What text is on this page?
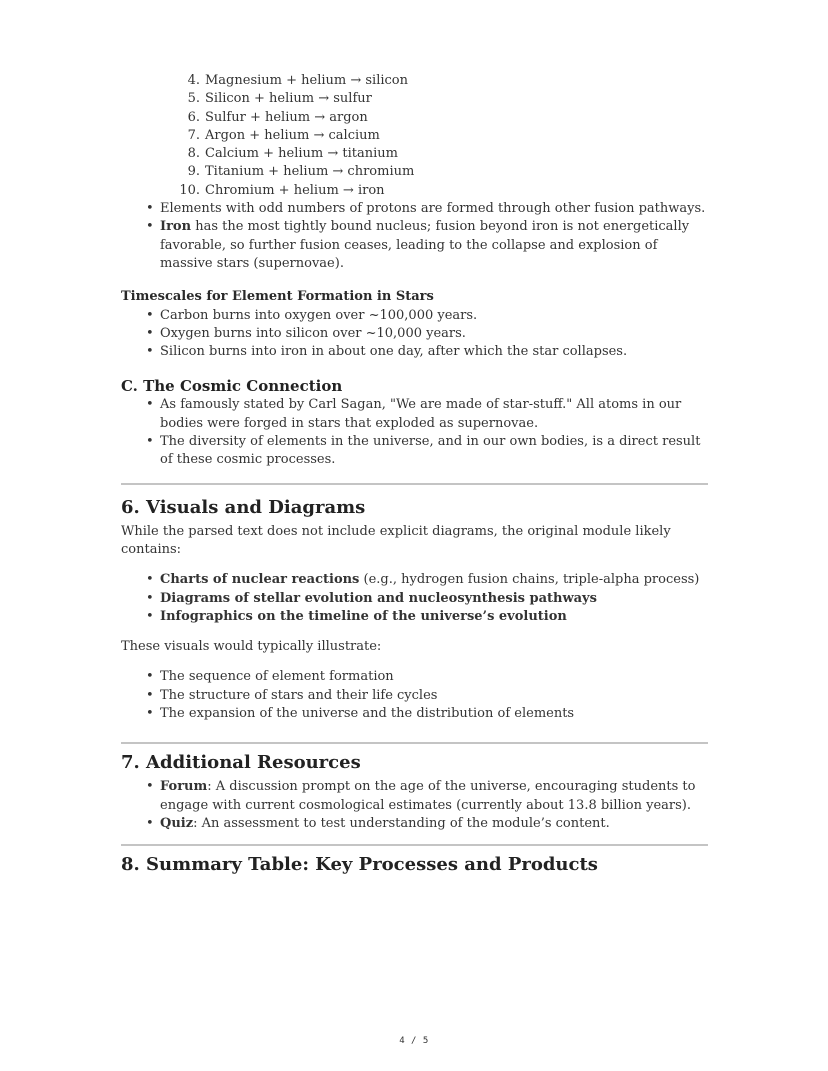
4. Magnesium + helium → silicon
5. Silicon + helium → sulfur
6. Sulfur + helium → argon
7. Argon + helium → calcium
8. Calcium + helium → titanium
9. Titanium + helium → chromium
10. Chromium + helium → iron
• Elements with odd numbers of protons are formed through other fusion pathways.
• Iron has the most tightly bound nucleus; fusion beyond iron is not energetically favorable, so further fusion ceases, leading to the collapse and explosion of massive stars (supernovae).
Timescales for Element Formation in Stars
• Carbon burns into oxygen over ~100,000 years.
• Oxygen burns into silicon over ~10,000 years.
• Silicon burns into iron in about one day, after which the star collapses.
C. The Cosmic Connection
• As famously stated by Carl Sagan, "We are made of star-stuff." All atoms in our bodies were forged in stars that exploded as supernovae.
• The diversity of elements in the universe, and in our own bodies, is a direct result of these cosmic processes.
6. Visuals and Diagrams
While the parsed text does not include explicit diagrams, the original module likely contains:
• Charts of nuclear reactions (e.g., hydrogen fusion chains, triple-alpha process)
• Diagrams of stellar evolution and nucleosynthesis pathways
• Infographics on the timeline of the universe’s evolution
These visuals would typically illustrate:
• The sequence of element formation
• The structure of stars and their life cycles
• The expansion of the universe and the distribution of elements
7. Additional Resources
• Forum: A discussion prompt on the age of the universe, encouraging students to engage with current cosmological estimates (currently about 13.8 billion years).
• Quiz: An assessment to test understanding of the module’s content.
8. Summary Table: Key Processes and Products
4 / 5
